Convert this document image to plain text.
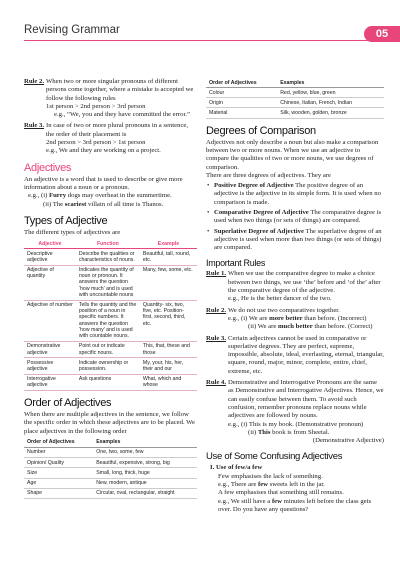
Revising Grammar	05
Rule 2. When two or more singular pronouns of different persons come together, where a mistake is accepted we follow the following rules
1st person > 2nd person > 3rd person
e.g., “We, you and they have committed the error.”
Rule 3. In case of two or more plural pronouns in a sentence, the order of their placement is
2nd person > 3rd person > 1st person
e.g., We and they are working on a project.
Adjectives

An adjective is a word that is used to describe or give more information about a noun or a pronoun.

e.g., (i) Furry dogs may overheat in the summertime.

(ii) The scariest villain of all time is Thanos.

Types of Adjective

The different types of adjectives are

Adjective	Function	Example
Descriptive adjective	Describe the qualities or characteristics of nouns.	Beautiful, tall, round, etc.
Adjective of quantity	Indicates the quantity of noun or pronoun. It answers the question ‘how much’ and is used with uncountable nouns	Many, few, some, etc.
Adjective of number	Tells the quantity and the position of a noun in specific numbers. It answers the question ‘how many’ and is used with countable nouns.	Quantity- six, two, five, etc. Position- first, second, third, etc.
Demonstrative adjective	Point out or indicate specific nouns.	This, that, these and those
Possessive adjective	Indicate ownership or possession.	My, your, his, her, their and our
Interrogative adjective	Ask questions	What, which and whose
Order of Adjectives

When there are multiple adjectives in the sentence, we follow the specific order in which these adjectives are to be placed. We place adjectives in the following order

Order of Adjectives	Examples
Number	One, two, some, few
Opinion/ Quality	Beautiful, expensive, strong, big
Size	Small, long, thick, huge
Age	New, modern, antique
Shape	Circular, oval, rectangular, straight
Order of Adjectives	Examples
Colour	Red, yellow, blue, green
Origin	Chinese, Italian, French, Indian
Material	Silk, wooden, golden, bronze
Degrees of Comparison

Adjectives not only describe a noun but also make a comparison between two or more nouns. When we use an adjective to compare the qualities of two or more nouns, we use degrees of comparison.

There are three degrees of adjectives. They are

• Positive Degree of Adjective The positive degree of an adjective is the adjective in its simple form. It is used when no comparison is made.
• Comparative Degree of Adjective The comparative degree is used when two things (or sets of things) are compared.
• Superlative Degree of Adjective The superlative degree of an adjective is used when more than two things (or sets of things) are compared.
Important Rules
Rule 1. When we use the comparative degree to make a choice between two things, we use ‘the’ before and ‘of the’ after the comparative degree of the adjective.
e.g., He is the better dancer of the two.
Rule 2. We do not use two comparatives together.
e.g., (i) We are more better than before. (Incorrect)
(ii) We are much better than before. (Correct)
Rule 3. Certain adjectives cannot be used in comparative or superlative degrees. They are perfect, supreme, impossible, absolute, ideal, everlasting, eternal, triangular, square, round, major, minor, complete, entire, chief, extreme, etc.
Rule 4. Demonstrative and Interrogative Pronouns are the same as Demonstrative and Interrogative Adjectives. Hence, we can easily confuse between them. To avoid such confusion, remember pronouns replace nouns while adjectives are followed by nouns.
e.g., (i) This is my book. (Demonstrative pronoun)
(ii) This book is from Sheetal.
(Demonstrative Adjective)
Use of Some Confusing Adjectives

I. Use of few/a few

Few emphasises the lack of something.

e.g., There are few sweets left in the jar.

A few emphasises that something still remains.

e.g., We still have a few minutes left before the class gets over. Do you have any questions?
